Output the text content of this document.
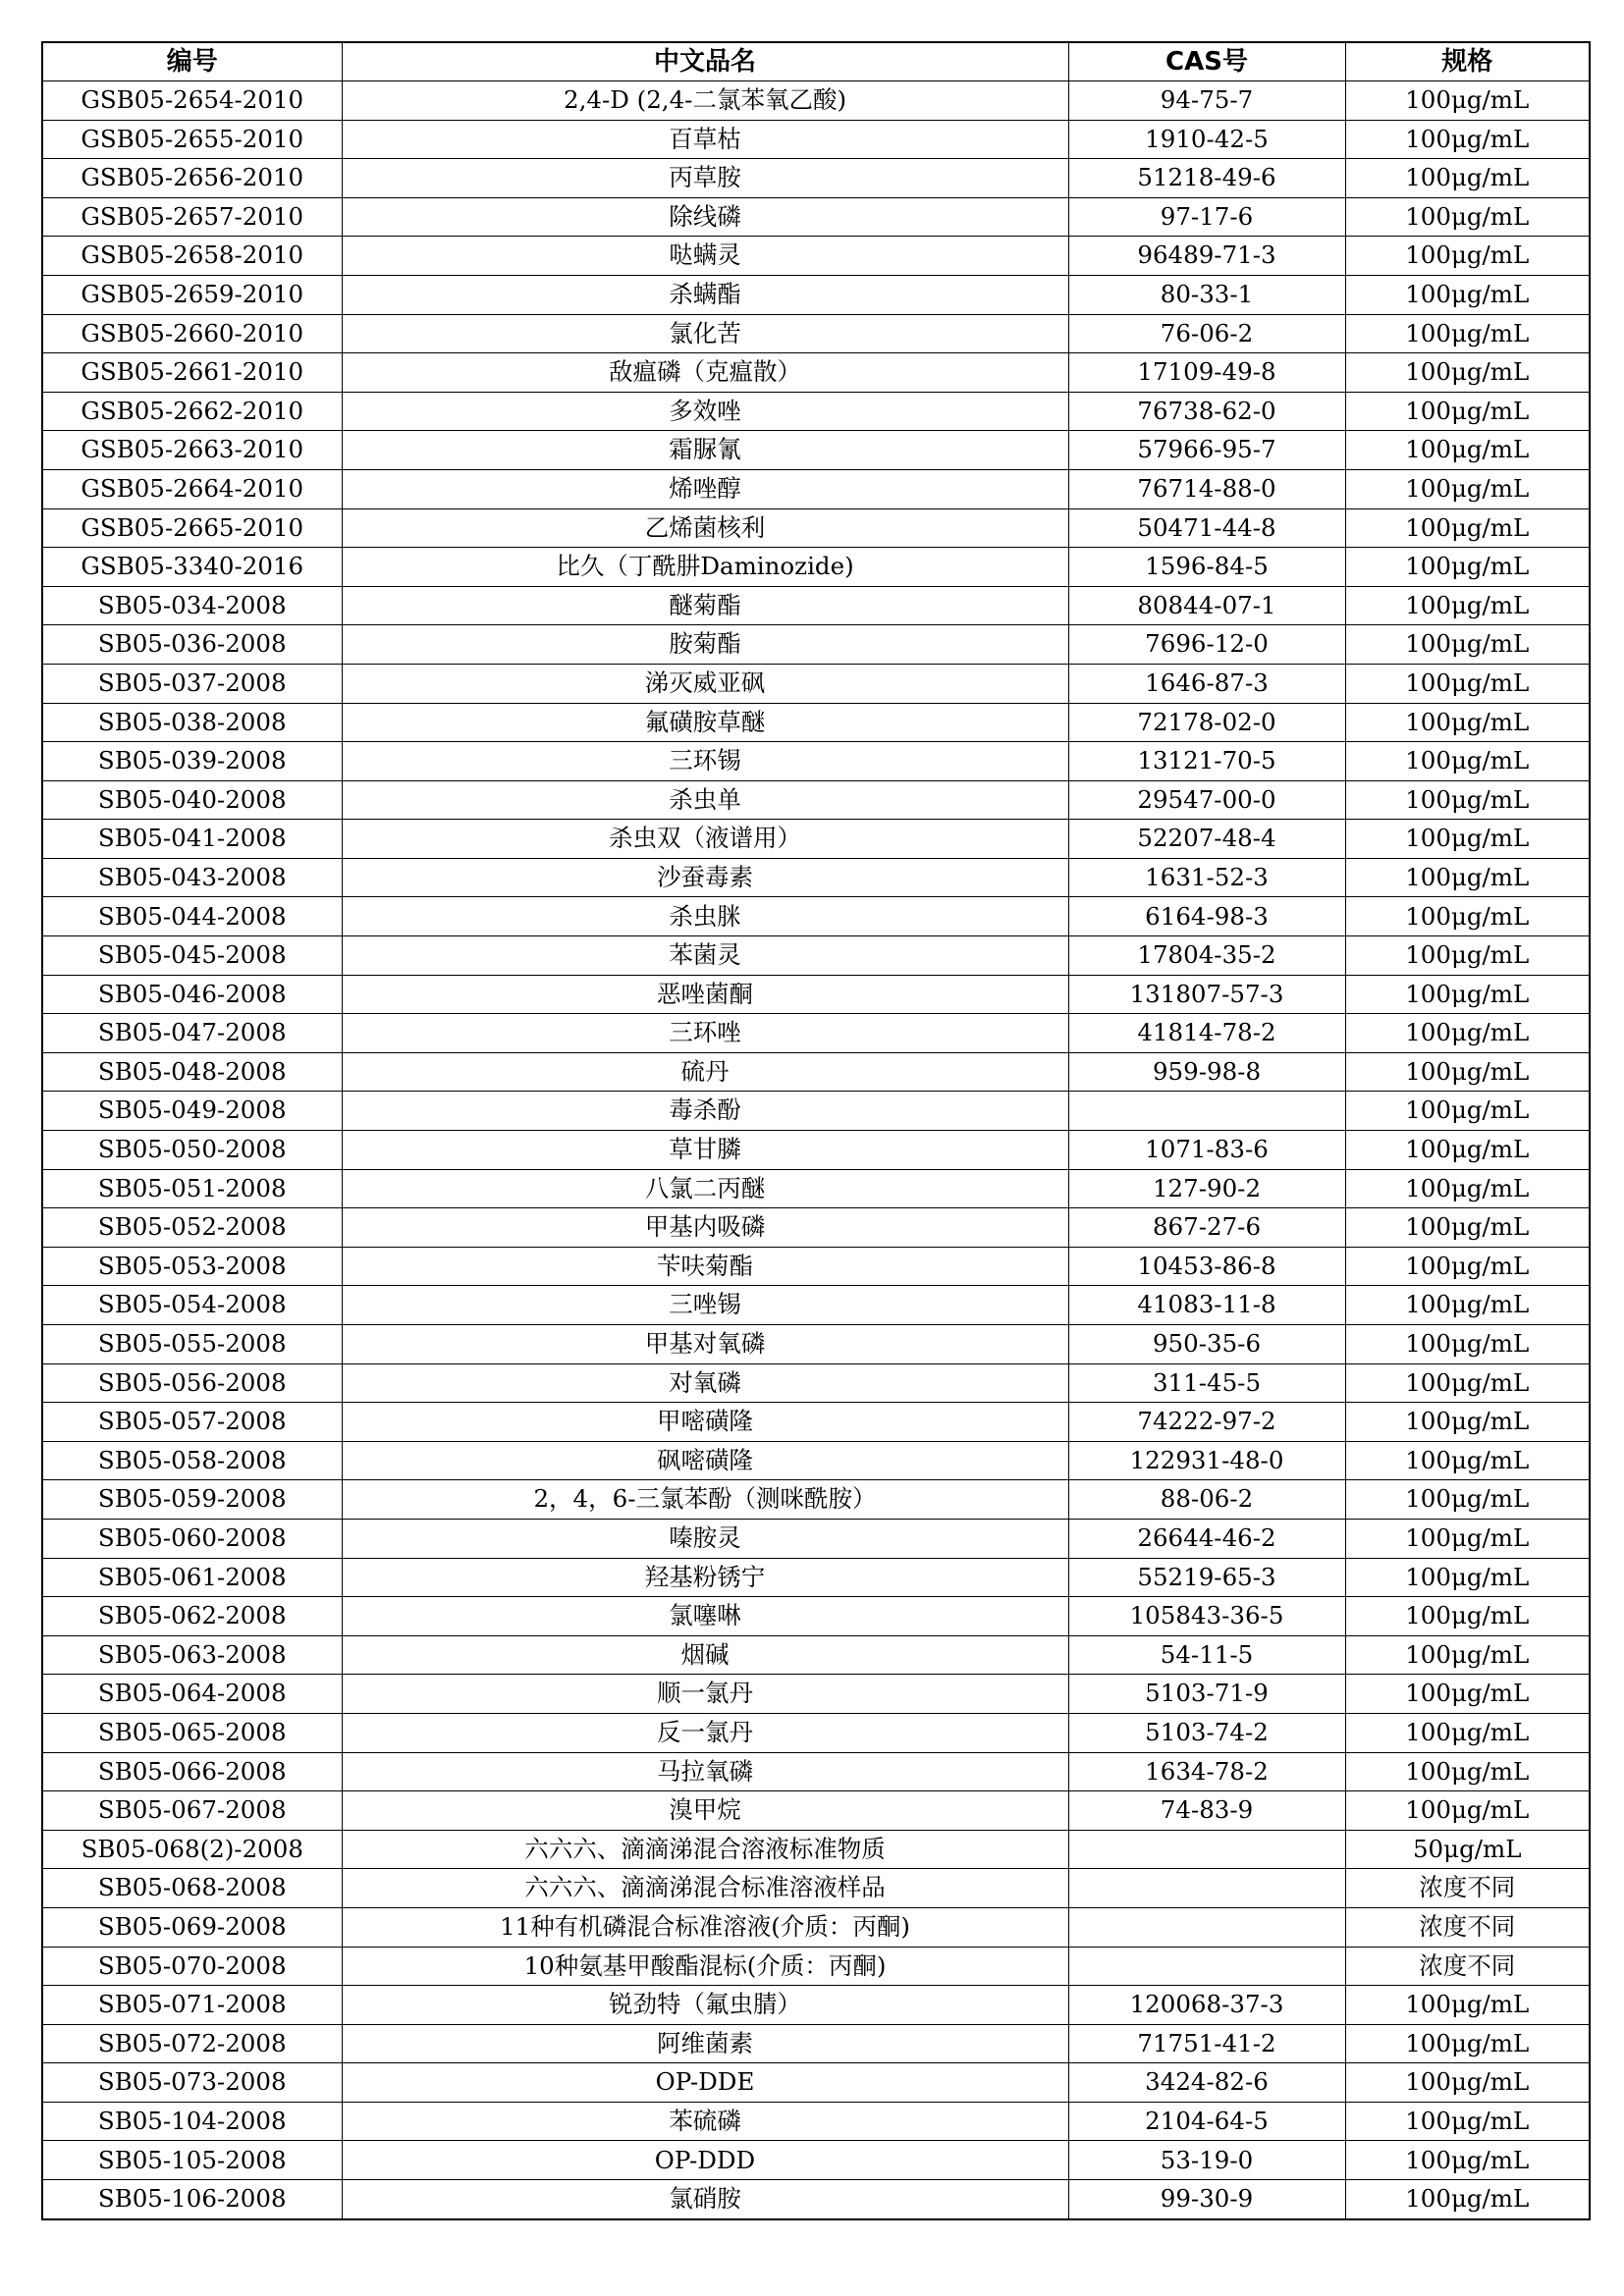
编号	中文品名	CAS号	规格
GSB05-2654-2010	2,4-D (2,4-二氯苯氧乙酸)	94-75-7	100μg/mL
GSB05-2655-2010	百草枯	1910-42-5	100μg/mL
GSB05-2656-2010	丙草胺	51218-49-6	100μg/mL
GSB05-2657-2010	除线磷	97-17-6	100μg/mL
GSB05-2658-2010	哒螨灵	96489-71-3	100μg/mL
GSB05-2659-2010	杀螨酯	80-33-1	100μg/mL
GSB05-2660-2010	氯化苦	76-06-2	100μg/mL
GSB05-2661-2010	敌瘟磷（克瘟散）	17109-49-8	100μg/mL
GSB05-2662-2010	多效唑	76738-62-0	100μg/mL
GSB05-2663-2010	霜脲氰	57966-95-7	100μg/mL
GSB05-2664-2010	烯唑醇	76714-88-0	100μg/mL
GSB05-2665-2010	乙烯菌核利	50471-44-8	100μg/mL
GSB05-3340-2016	比久（丁酰肼Daminozide)	1596-84-5	100μg/mL
SB05-034-2008	醚菊酯	80844-07-1	100μg/mL
SB05-036-2008	胺菊酯	7696-12-0	100μg/mL
SB05-037-2008	涕灭威亚砜	1646-87-3	100μg/mL
SB05-038-2008	氟磺胺草醚	72178-02-0	100μg/mL
SB05-039-2008	三环锡	13121-70-5	100μg/mL
SB05-040-2008	杀虫单	29547-00-0	100μg/mL
SB05-041-2008	杀虫双（液谱用）	52207-48-4	100μg/mL
SB05-043-2008	沙蚕毒素	1631-52-3	100μg/mL
SB05-044-2008	杀虫脒	6164-98-3	100μg/mL
SB05-045-2008	苯菌灵	17804-35-2	100μg/mL
SB05-046-2008	恶唑菌酮	131807-57-3	100μg/mL
SB05-047-2008	三环唑	41814-78-2	100μg/mL
SB05-048-2008	硫丹	959-98-8	100μg/mL
SB05-049-2008	毒杀酚		100μg/mL
SB05-050-2008	草甘膦	1071-83-6	100μg/mL
SB05-051-2008	八氯二丙醚	127-90-2	100μg/mL
SB05-052-2008	甲基内吸磷	867-27-6	100μg/mL
SB05-053-2008	苄呋菊酯	10453-86-8	100μg/mL
SB05-054-2008	三唑锡	41083-11-8	100μg/mL
SB05-055-2008	甲基对氧磷	950-35-6	100μg/mL
SB05-056-2008	对氧磷	311-45-5	100μg/mL
SB05-057-2008	甲嘧磺隆	74222-97-2	100μg/mL
SB05-058-2008	砜嘧磺隆	122931-48-0	100μg/mL
SB05-059-2008	2，4，6-三氯苯酚（测咪酰胺）	88-06-2	100μg/mL
SB05-060-2008	嗪胺灵	26644-46-2	100μg/mL
SB05-061-2008	羟基粉锈宁	55219-65-3	100μg/mL
SB05-062-2008	氯噻啉	105843-36-5	100μg/mL
SB05-063-2008	烟碱	54-11-5	100μg/mL
SB05-064-2008	顺一氯丹	5103-71-9	100μg/mL
SB05-065-2008	反一氯丹	5103-74-2	100μg/mL
SB05-066-2008	马拉氧磷	1634-78-2	100μg/mL
SB05-067-2008	溴甲烷	74-83-9	100μg/mL
SB05-068(2)-2008	六六六、滴滴涕混合溶液标准物质		50μg/mL
SB05-068-2008	六六六、滴滴涕混合标准溶液样品		浓度不同
SB05-069-2008	11种有机磷混合标准溶液(介质：丙酮)		浓度不同
SB05-070-2008	10种氨基甲酸酯混标(介质：丙酮)		浓度不同
SB05-071-2008	锐劲特（氟虫腈）	120068-37-3	100μg/mL
SB05-072-2008	阿维菌素	71751-41-2	100μg/mL
SB05-073-2008	OP-DDE	3424-82-6	100μg/mL
SB05-104-2008	苯硫磷	2104-64-5	100μg/mL
SB05-105-2008	OP-DDD	53-19-0	100μg/mL
SB05-106-2008	氯硝胺	99-30-9	100μg/mL
